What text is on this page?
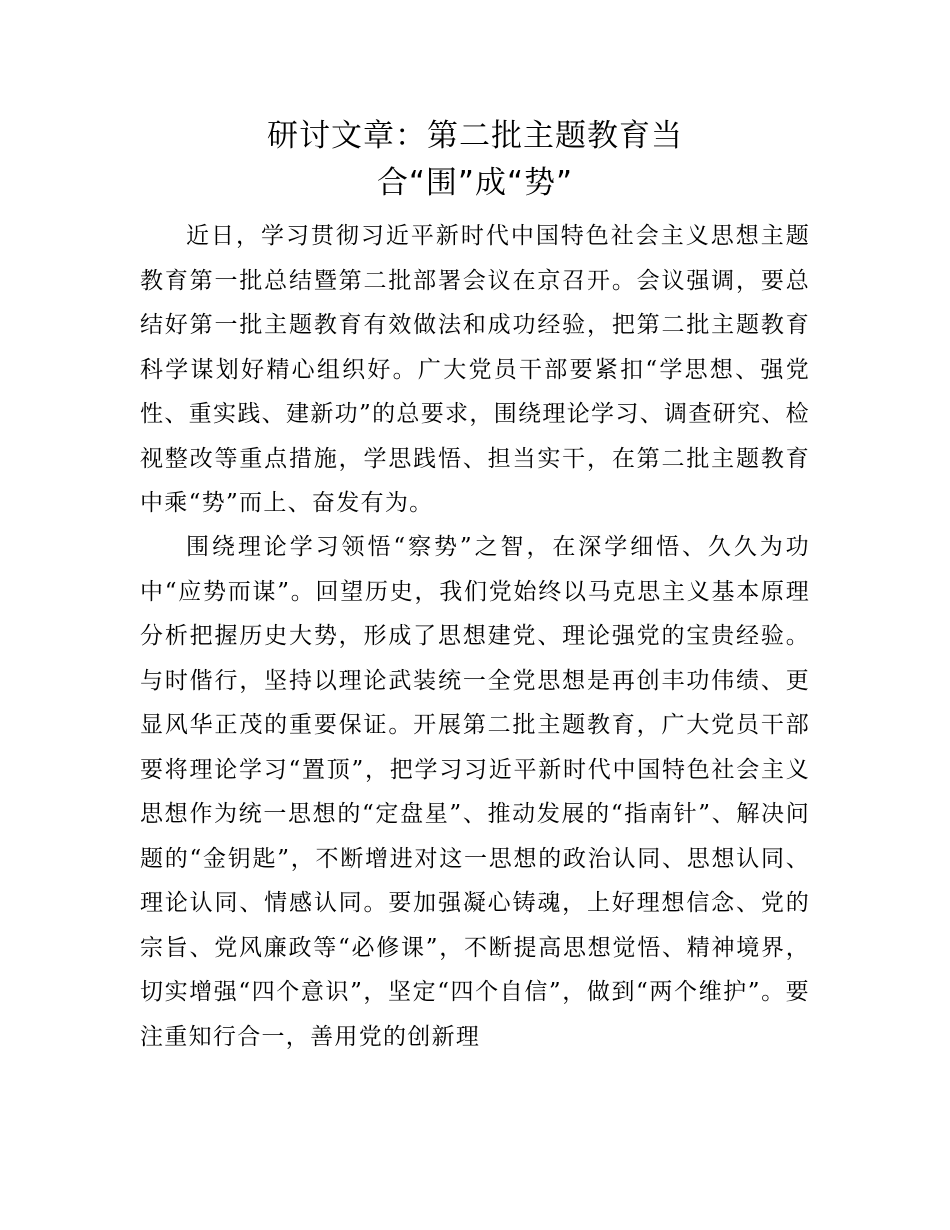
研讨文章：第二批主题教育当
合“围”成“势”

近日，学习贯彻习近平新时代中国特色社会主义思想主题教育第一批总结暨第二批部署会议在京召开。会议强调，要总结好第一批主题教育有效做法和成功经验，把第二批主题教育科学谋划好精心组织好。广大党员干部要紧扣“学思想、强党性、重实践、建新功”的总要求，围绕理论学习、调查研究、检视整改等重点措施，学思践悟、担当实干，在第二批主题教育中乘“势”而上、奋发有为。

围绕理论学习领悟“察势”之智，在深学细悟、久久为功中“应势而谋”。回望历史，我们党始终以马克思主义基本原理分析把握历史大势，形成了思想建党、理论强党的宝贵经验。与时偕行，坚持以理论武装统一全党思想是再创丰功伟绩、更显风华正茂的重要保证。开展第二批主题教育，广大党员干部要将理论学习“置顶”，把学习习近平新时代中国特色社会主义思想作为统一思想的“定盘星”、推动发展的“指南针”、解决问题的“金钥匙”，不断增进对这一思想的政治认同、思想认同、理论认同、情感认同。要加强凝心铸魂，上好理想信念、党的宗旨、党风廉政等“必修课”，不断提高思想觉悟、精神境界，切实增强“四个意识”，坚定“四个自信”，做到“两个维护”。要注重知行合一，善用党的创新理
